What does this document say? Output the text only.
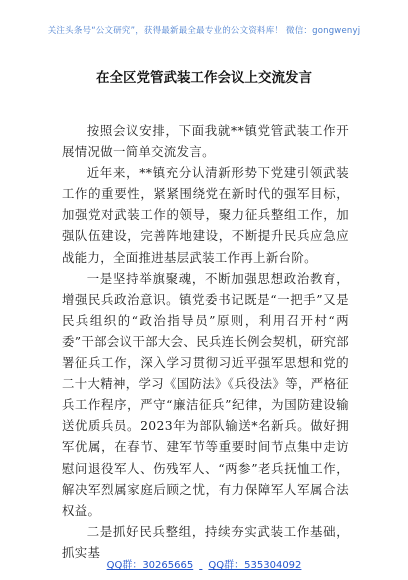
关注头条号“公文研究”，获得最新最全最专业的公文资料库！ 微信：gongwenyj
在全区党管武装工作会议上交流发言

按照会议安排，下面我就**镇党管武装工作开展情况做一简单交流发言。

近年来，**镇充分认清新形势下党建引领武装工作的重要性，紧紧围绕党在新时代的强军目标，加强党对武装工作的领导，聚力征兵整组工作，加强队伍建设，完善阵地建设，不断提升民兵应急应战能力，全面推进基层武装工作再上新台阶。

一是坚持举旗聚魂，不断加强思想政治教育，增强民兵政治意识。镇党委书记既是“一把手”又是民兵组织的“政治指导员”原则，利用召开村“两委”干部会议干部大会、民兵连长例会契机，研究部署征兵工作，深入学习贯彻习近平强军思想和党的二十大精神，学习《国防法》《兵役法》等，严格征兵工作程序，严守“廉洁征兵”纪律，为国防建设输送优质兵员。2023年为部队输送*名新兵。做好拥军优属，在春节、建军节等重要时间节点集中走访慰问退役军人、伤残军人、“两参”老兵抚恤工作，解决军烈属家庭后顾之忧，有力保障军人军属合法权益。

二是抓好民兵整组，持续夯实武装工作基础，抓实基

QQ群：30265665 QQ群：535304092
